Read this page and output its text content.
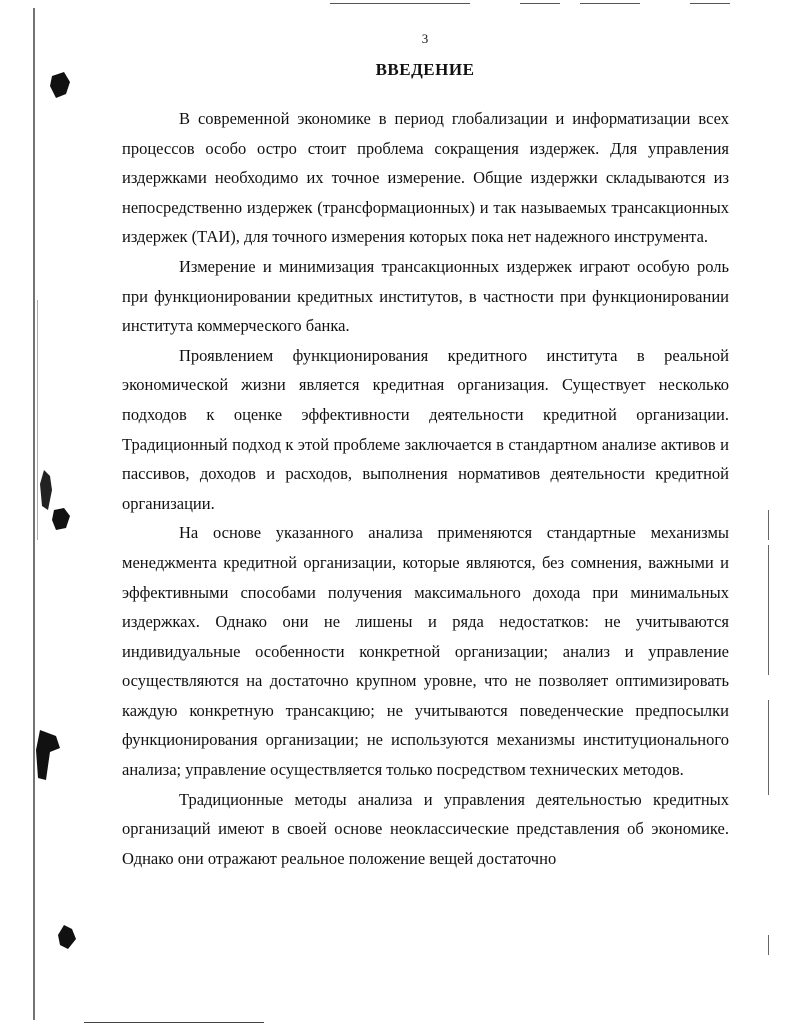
3
ВВЕДЕНИЕ

В современной экономике в период глобализации и информатизации всех процессов особо остро стоит проблема сокращения издержек. Для управления издержками необходимо их точное измерение. Общие издержки складываются из непосредственно издержек (трансформационных) и так называемых трансакционных издержек (ТАИ), для точного измерения которых пока нет надежного инструмента.

Измерение и минимизация трансакционных издержек играют особую роль при функционировании кредитных институтов, в частности при функционировании института коммерческого банка.

Проявлением функционирования кредитного института в реальной экономической жизни является кредитная организация. Существует несколько подходов к оценке эффективности деятельности кредитной организации. Традиционный подход к этой проблеме заключается в стандартном анализе активов и пассивов, доходов и расходов, выполнения нормативов деятельности кредитной организации.

На основе указанного анализа применяются стандартные механизмы менеджмента кредитной организации, которые являются, без сомнения, важными и эффективными способами получения максимального дохода при минимальных издержках. Однако они не лишены и ряда недостатков: не учитываются индивидуальные особенности конкретной организации; анализ и управление осуществляются на достаточно крупном уровне, что не позволяет оптимизировать каждую конкретную трансакцию; не учитываются поведенческие предпосылки функционирования организации; не используются механизмы институционального анализа; управление осуществляется только посредством технических методов.

Традиционные методы анализа и управления деятельностью кредитных организаций имеют в своей основе неоклассические представления об экономике. Однако они отражают реальное положение вещей достаточно
